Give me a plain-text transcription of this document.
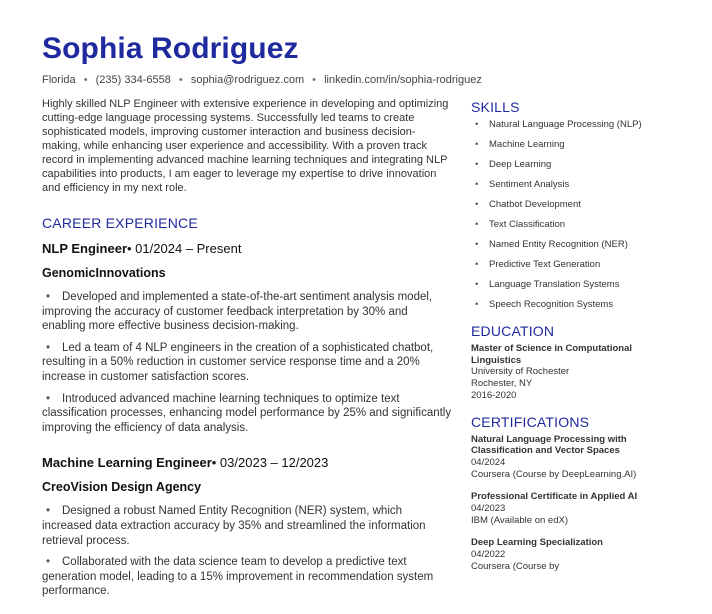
Sophia Rodriguez
Florida • (235) 334-6558 • sophia@rodriguez.com • linkedin.com/in/sophia-rodriguez

Highly skilled NLP Engineer with extensive experience in developing and optimizing cutting-edge language processing systems. Successfully led teams to create sophisticated models, improving customer interaction and business decision-making, while enhancing user experience and accessibility. With a proven track record in implementing advanced machine learning techniques and integrating NLP capabilities into products, I am eager to leverage my expertise to drive innovation and efficiency in my next role.

CAREER EXPERIENCE
NLP Engineer• 01/2024 – Present
GenomicInnovations
• Developed and implemented a state-of-the-art sentiment analysis model, improving the accuracy of customer feedback interpretation by 30% and enabling more effective business decision-making.
• Led a team of 4 NLP engineers in the creation of a sophisticated chatbot, resulting in a 50% reduction in customer service response time and a 20% increase in customer satisfaction scores.
• Introduced advanced machine learning techniques to optimize text classification processes, enhancing model performance by 25% and significantly improving the efficiency of data analysis.
Machine Learning Engineer• 03/2023 – 12/2023
CreoVision Design Agency
• Designed a robust Named Entity Recognition (NER) system, which increased data extraction accuracy by 35% and streamlined the information retrieval process.
• Collaborated with the data science team to develop a predictive text generation model, leading to a 15% improvement in recommendation system performance.
SKILLS
• Natural Language Processing (NLP)
• Machine Learning
• Deep Learning
• Sentiment Analysis
• Chatbot Development
• Text Classification
• Named Entity Recognition (NER)
• Predictive Text Generation
• Language Translation Systems
• Speech Recognition Systems
EDUCATION
Master of Science in Computational Linguistics
University of Rochester
Rochester, NY
2016-2020
CERTIFICATIONS
Natural Language Processing with Classification and Vector Spaces
04/2024
Coursera (Course by DeepLearning.AI)
Professional Certificate in Applied AI
04/2023
IBM (Available on edX)
Deep Learning Specialization
04/2022
Coursera (Course by
